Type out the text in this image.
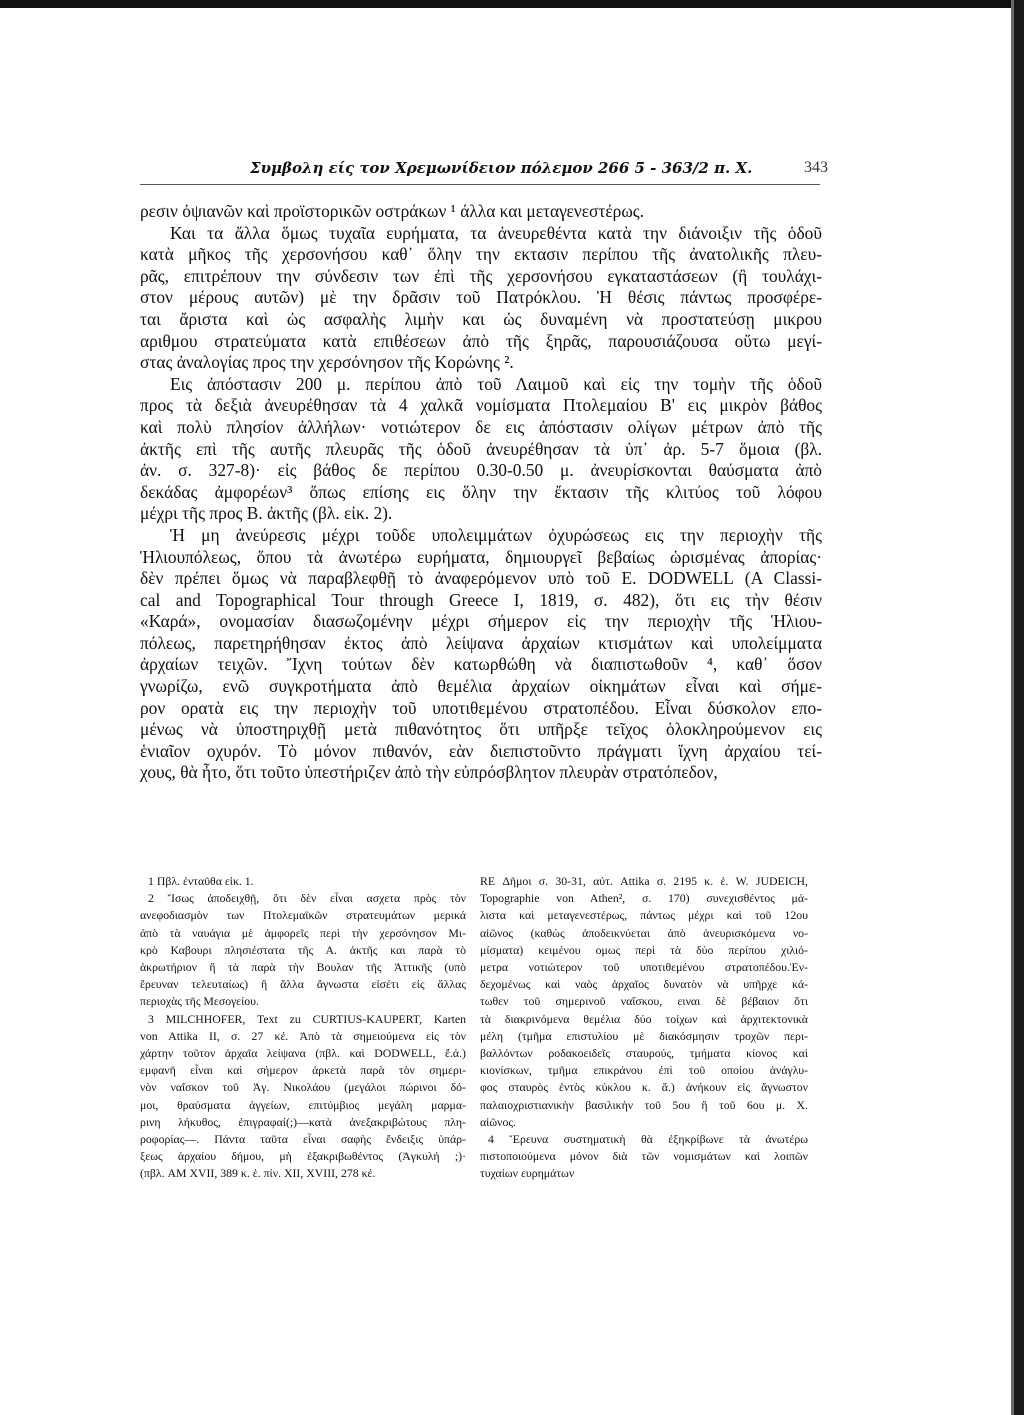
Συμβολη είς τον Χρεμωνίδειον πόλεμον 266 5 - 363/2 π. Χ.	343

ρεσιν ὀψιανῶν καὶ προϊστορικῶν οστράκων ¹ άλλα και μεταγενεστέρως.

Και τα ἄλλα ὅμως τυχαῖα ευρήματα, τα ἀνευρεθέντα κατὰ την διάνοιξιν τῆς ὁδοῦ

κατὰ μῆκος τῆς χερσονήσου καθ᾿ ὅλην την εκτασιν περίπου τῆς ἀνατολικῆς πλευ-

ρᾶς, επιτρέπουν την σύνδεσιν των ἐπὶ τῆς χερσονήσου εγκαταστάσεων (ἢ τουλάχι-

στον μέρους αυτῶν) μὲ την δρᾶσιν τοῦ Πατρόκλου. Ἡ θέσις πάντως προσφέρε-

ται ἄριστα καὶ ὡς ασφαλὴς λιμὴν και ὡς δυναμένη νὰ προστατεύσῃ μικρου

αριθμου στρατεύματα κατὰ επιθέσεων ἀπὸ τῆς ξηρᾶς, παρουσιάζουσα οὕτω μεγί-

στας ἀναλογίας προς την χερσόνησον τῆς Κορώνης ².

Εις ἀπόστασιν 200 μ. περίπου ἀπὸ τοῦ Λαιμοῦ καὶ εἰς την τομὴν τῆς ὁδοῦ

προς τὰ δεξιὰ ἀνευρέθησαν τὰ 4 χαλκᾶ νομίσματα Πτολεμαίου Β' εις μικρὸν βάθος

καὶ πολὺ πλησίον ἀλλήλων· νοτιώτερον δε εις ἀπόστασιν ολίγων μέτρων ἀπὸ τῆς

ἀκτῆς επὶ τῆς αυτῆς πλευρᾶς τῆς ὁδοῦ ἀνευρέθησαν τὰ ὑπ᾿ ἀρ. 5-7 ὅμοια (βλ.

ἀν. σ. 327-8)· εἰς βάθος δε περίπου 0.30-0.50 μ. ἀνευρίσκονται θαύσματα ἀπὸ

δεκάδας ἀμφορέων³ ὅπως επίσης εις ὅλην την ἔκτασιν τῆς κλιτύος τοῦ λόφου

μέχρι τῆς προς Β. ἀκτῆς (βλ. εἰκ. 2).

Ἡ μη ἀνεύρεσις μέχρι τοῦδε υπολειμμάτων ὀχυρώσεως εις την περιοχὴν τῆς

Ἡλιουπόλεως, ὅπου τὰ ἀνωτέρω ευρήματα, δημιουργεῖ βεβαίως ὡρισμένας ἀπορίας·

δὲν πρέπει ὅμως νὰ παραβλεφθῇ τὸ ἀναφερόμενον υπὸ τοῦ E. DODWELL (A Classi-

cal and Topographical Tour through Greece I, 1819, σ. 482), ὅτι εις τὴν θέσιν

«Καρά», ονομασίαν διασωζομένην μέχρι σήμερον εἰς την περιοχὴν τῆς Ἡλιου-

πόλεως, παρετηρήθησαν ἐκτος ἀπὸ λείψανα ἀρχαίων κτισμάτων καὶ υπολείμματα

ἀρχαίων τειχῶν. Ἴχνη τούτων δὲν κατωρθώθη νὰ διαπιστωθοῦν ⁴, καθ᾿ ὅσον

γνωρίζω, ενῶ συγκροτήματα ἀπὸ θεμέλια ἀρχαίων οἰκημάτων εἶναι καὶ σήμε-

ρον ορατὰ εις την περιοχὴν τοῦ υποτιθεμένου στρατοπέδου. Εἶναι δύσκολον επο-

μένως νὰ ὑποστηριχθῇ μετὰ πιθανότητος ὅτι υπῆρξε τεῖχος ὁλοκληρούμενον εις

ἑνιαῖον οχυρόν. Τὸ μόνον πιθανόν, εὰν διεπιστοῦντο πράγματι ἴχνη ἀρχαίου τεί-

χους, θὰ ἦτο, ὅτι τοῦτο ὑπεστήριζεν ἀπὸ τὴν εὐπρόσβλητον πλευρὰν στρατόπεδον,

1 Πβλ. ἐνταῦθα εἰκ. 1.

2 Ἴσως ἀποδειχθῇ, ὅτι δὲν εἶναι ασχετα πρὸς τὸν

ανεφοδιασμὸν των Πτολεμαϊκῶν στρατευμάτων μερικά

ἀπὸ τὰ ναυάγια μὲ ἀμφορεῖς περὶ τὴν χερσόνησον Μι-

κρὸ Καβουρι πλησιέστατα τῆς Α. ἀκτῆς και παρὰ τὸ

ἀκρωτήριον ἢ τὰ παρὰ τὴν Βουλαν τῆς Ἀττικῆς (υπὸ

ἔρευναν τελευταίως) ἢ ἄλλα ἄγνωστα εἰσέτι εἰς ἄλλας

περιοχὰς τῆς Μεσογείου.

3 MILCHHOFER, Text zu CURTIUS-KAUPERT, Karten

von Attika II, σ. 27 κέ. Ἀπὸ τὰ σημειούμενα εἰς τὸν

χάρτην τοῦτον ἀρχαῖα λείψανα (πβλ. καὶ DODWELL, ἔ.ἀ.)

εμφανῆ εἶναι καὶ σήμερον ἀρκετὰ παρὰ τὸν σημερι-

νὸν ναΐσκον τοῦ Ἀγ. Νικολάου (μεγάλοι πώρινοι δό-

μοι, θραύσματα ἀγγείων, επιτύμβιος μεγάλη μαρμα-

ρινη λήκυθος, ἐπιγραφαί(;)—κατὰ ἀνεξακριβώτους πλη-

ροφορίας—. Πάντα ταῦτα εἶναι σαφὴς ἔνδειξις ὑπάρ-

ξεως ἀρχαίου δήμου, μὴ ἐξακριβωθέντος (Ἀγκυλή ;)·

(πβλ. AM XVII, 389 κ. ἑ. πίν. XII, XVIII, 278 κέ.

RE Δῆμοι σ. 30-31, αὐτ. Attika σ. 2195 κ. ἑ. W. JUDEICH,

Topographie von Athen², σ. 170) συνεχισθέντος μά-

λιστα καὶ μεταγενεστέρως, πάντως μέχρι καὶ τοῦ 12ου

αἰῶνος (καθὼς ἀποδεικνύεται ἀπὸ ἀνευρισκόμενα νο-

μίσματα) κειμένου ομως περὶ τὰ δύο περίπου χιλιό-

μετρα νοτιώτερον τοῦ υποτιθεμένου στρατοπέδου.Ἐν-

δεχομένως καὶ ναὸς ἀρχαῖος δυνατὸν νὰ υπῆρχε κά-

τωθεν τοῦ σημερινοῦ ναΐσκου, ειναι δὲ βέβαιον ὅτι

τὰ διακριvόμενα θεμέλια δύο τοίχων καὶ ἀρχιτεκτονικὰ

μέλη (τμῆμα επιστυλίου μὲ διακόσμησιν τροχῶν περι-

βαλλόντων ροδακοειδεῖς σταυρούς, τμήματα κίονος καὶ

κιονίσκων, τμῆμα επικράνου ἐπὶ τοῦ οποίου ἀνάγλυ-

φος σταυρὸς ἐντὸς κύκλου κ. ἄ.) ἀνήκουν εἰς ἄγνωστον

παλαιοχριστιανικὴν βασιλικὴν τοῦ 5ου ἢ τοῦ 6ου μ. Χ.

αἰῶνος.

4 Ἔρευνα συστηματικὴ θὰ ἐξηκρίβωνε τὰ ἀνωτέρω

πιστοποιούμενα μόνον διὰ τῶν νομισμάτων καὶ λοιπῶν

τυχαίων ευρημάτων
